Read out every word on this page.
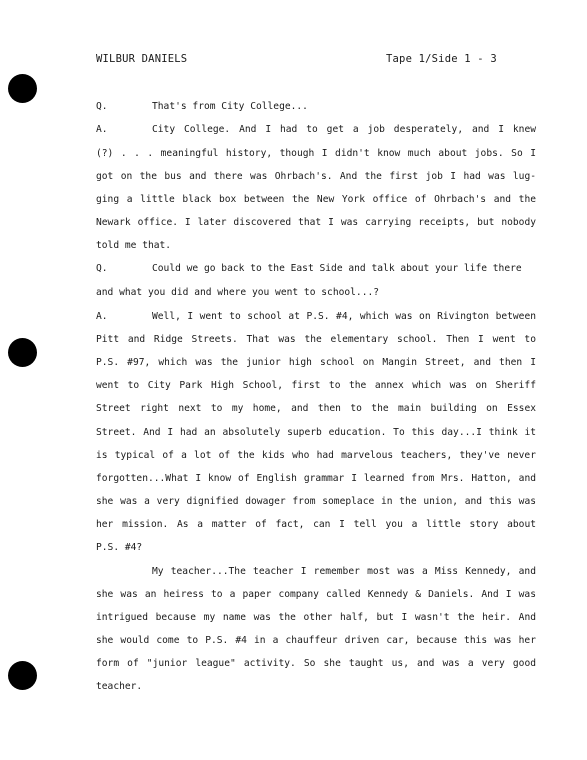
WILBUR DANIELS	Tape 1/Side 1 - 3
Q.	That's from City College...
A.	City College. And I had to get a job desperately, and I knew
(?) . . . meaningful history, though I didn't know much about jobs. So I
got on the bus and there was Ohrbach's. And the first job I had was lug-
ging a little black box between the New York office of Ohrbach's and the
Newark office. I later discovered that I was carrying receipts, but nobody
told me that.
Q.	Could we go back to the East Side and talk about your life there
and what you did and where you went to school...?
A.	Well, I went to school at P.S. #4, which was on Rivington between
Pitt and Ridge Streets. That was the elementary school. Then I went to
P.S. #97, which was the junior high school on Mangin Street, and then I
went to City Park High School, first to the annex which was on Sheriff
Street right next to my home, and then to the main building on Essex
Street. And I had an absolutely superb education. To this day...I think it
is typical of a lot of the kids who had marvelous teachers, they've never
forgotten...What I know of English grammar I learned from Mrs. Hatton, and
she was a very dignified dowager from someplace in the union, and this was
her mission. As a matter of fact, can I tell you a little story about
P.S. #4?
My teacher...The teacher I remember most was a Miss Kennedy, and
she was an heiress to a paper company called Kennedy & Daniels. And I was
intrigued because my name was the other half, but I wasn't the heir. And
she would come to P.S. #4 in a chauffeur driven car, because this was her
form of "junior league" activity. So she taught us, and was a very good
teacher.
